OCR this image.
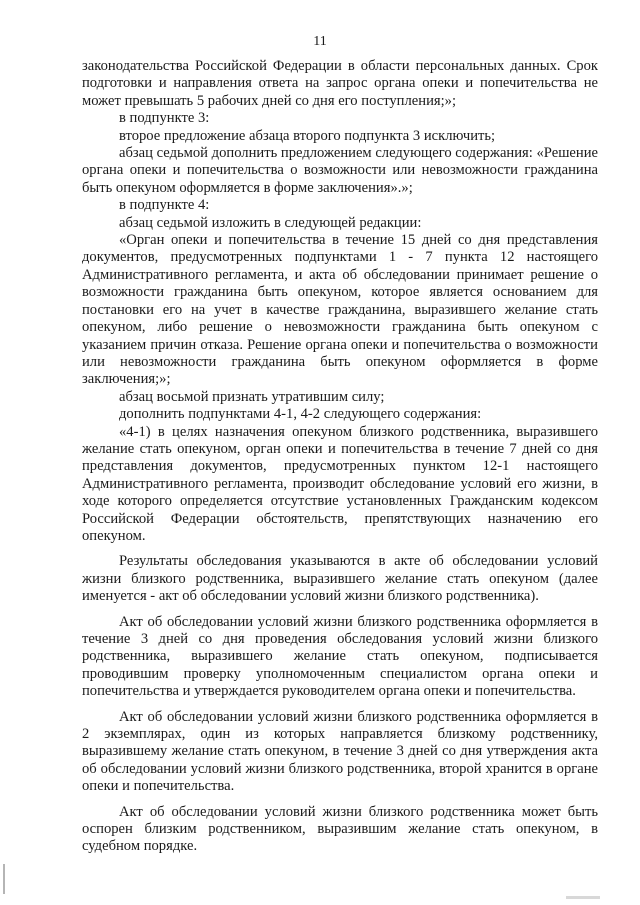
11

законодательства Российской Федерации в области персональных данных. Срок подготовки и направления ответа на запрос органа опеки и попечительства не может превышать 5 рабочих дней со дня его поступления;»;

в подпункте 3:

второе предложение абзаца второго подпункта 3 исключить;

абзац седьмой дополнить предложением следующего содержания: «Решение органа опеки и попечительства о возможности или невозможности гражданина быть опекуном оформляется в форме заключения».»;

в подпункте 4:

абзац седьмой изложить в следующей редакции:

«Орган опеки и попечительства в течение 15 дней со дня представления документов, предусмотренных подпунктами 1 - 7 пункта 12 настоящего Административного регламента, и акта об обследовании принимает решение о возможности гражданина быть опекуном, которое является основанием для постановки его на учет в качестве гражданина, выразившего желание стать опекуном, либо решение о невозможности гражданина быть опекуном с указанием причин отказа. Решение органа опеки и попечительства о возможности или невозможности гражданина быть опекуном оформляется в форме заключения;»;

абзац восьмой признать утратившим силу;

дополнить подпунктами 4-1, 4-2 следующего содержания:

«4-1) в целях назначения опекуном близкого родственника, выразившего желание стать опекуном, орган опеки и попечительства в течение 7 дней со дня представления документов, предусмотренных пунктом 12-1 настоящего Административного регламента, производит обследование условий его жизни, в ходе которого определяется отсутствие установленных Гражданским кодексом Российской Федерации обстоятельств, препятствующих назначению его опекуном.

Результаты обследования указываются в акте об обследовании условий жизни близкого родственника, выразившего желание стать опекуном (далее именуется - акт об обследовании условий жизни близкого родственника).

Акт об обследовании условий жизни близкого родственника оформляется в течение 3 дней со дня проведения обследования условий жизни близкого родственника, выразившего желание стать опекуном, подписывается проводившим проверку уполномоченным специалистом органа опеки и попечительства и утверждается руководителем органа опеки и попечительства.

Акт об обследовании условий жизни близкого родственника оформляется в 2 экземплярах, один из которых направляется близкому родственнику, выразившему желание стать опекуном, в течение 3 дней со дня утверждения акта об обследовании условий жизни близкого родственника, второй хранится в органе опеки и попечительства.

Акт об обследовании условий жизни близкого родственника может быть оспорен близким родственником, выразившим желание стать опекуном, в судебном порядке.
